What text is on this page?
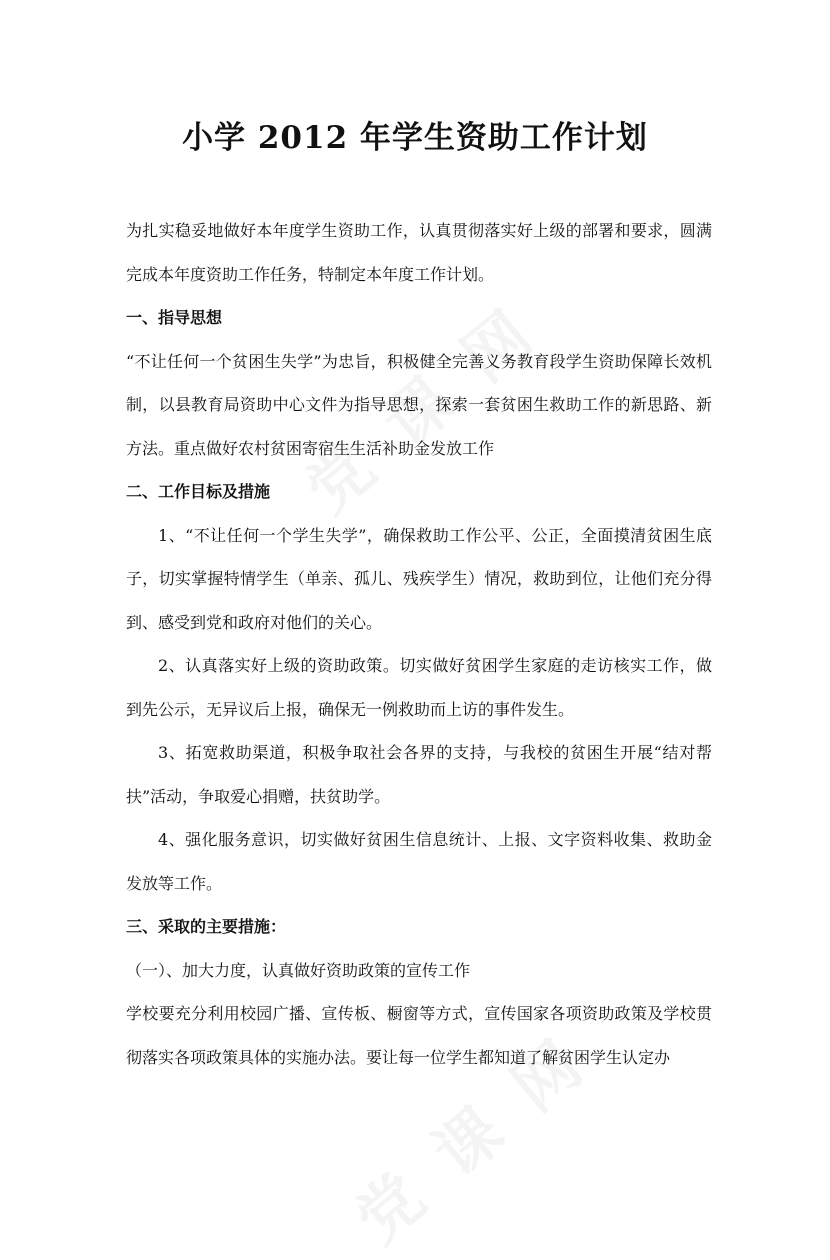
小学 2012 年学生资助工作计划

为扎实稳妥地做好本年度学生资助工作，认真贯彻落实好上级的部署和要求，圆满完成本年度资助工作任务，特制定本年度工作计划。

一、指导思想

“不让任何一个贫困生失学”为忠旨，积极健全完善义务教育段学生资助保障长效机制，以县教育局资助中心文件为指导思想，探索一套贫困生救助工作的新思路、新方法。重点做好农村贫困寄宿生生活补助金发放工作

二、工作目标及措施

1、“不让任何一个学生失学”，确保救助工作公平、公正，全面摸清贫困生底子，切实掌握特情学生（单亲、孤儿、残疾学生）情况，救助到位，让他们充分得到、感受到党和政府对他们的关心。

2、认真落实好上级的资助政策。切实做好贫困学生家庭的走访核实工作，做到先公示，无异议后上报，确保无一例救助而上访的事件发生。

3、拓宽救助渠道，积极争取社会各界的支持，与我校的贫困生开展“结对帮扶”活动，争取爱心捐赠，扶贫助学。

4、强化服务意识，切实做好贫困生信息统计、上报、文字资料收集、救助金发放等工作。

三、采取的主要措施：

（一）、加大力度，认真做好资助政策的宣传工作

学校要充分利用校园广播、宣传板、橱窗等方式，宣传国家各项资助政策及学校贯彻落实各项政策具体的实施办法。要让每一位学生都知道了解贫困学生认定办
